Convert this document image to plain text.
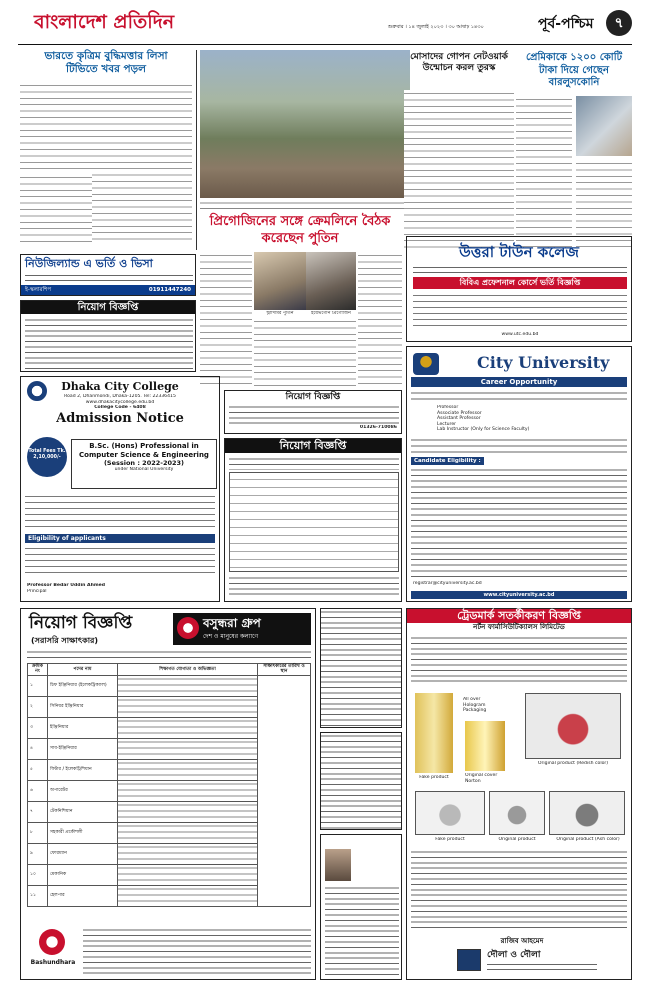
বাংলাদেশ প্রতিদিন	শুক্রবার । ১৪ জুলাই ২০২৩ । ৩০ আষাঢ় ১৪৩০	পূর্ব-পশ্চিম	৭
ভারতে কৃত্রিম বুদ্ধিমত্তার লিসা টিভিতে খবর পড়ল
মোসাদের গোপন নেটওয়ার্ক উন্মোচন করল তুরস্ক
প্রেমিকাকে ১২০০ কোটি টাকা দিয়ে গেছেন বারলুসকোনি
প্রিগোজিনের সঙ্গে ক্রেমলিনে বৈঠক করেছেন পুতিন
ভ্লাদিমির পুতিন	ইয়েভগেনি প্রিগোজিন
উত্তরা টাউন কলেজ
বিবিএ প্রফেশনাল কোর্সে ভর্তি বিজ্ঞপ্তি
www.utc.edu.bd
নিউজিল্যান্ড এ ভর্তি ও ভিসা
ই-স্কলারশিপ	01911447240
নিয়োগ বিজ্ঞপ্তি
Dhaka City College
Road 2, Dhanmondi, Dhaka-1205. Tel: 22336415
www.dhakacitycollege.edu.bd
College Code - 6408
Admission Notice
B.Sc. (Hons) Professional in Computer Science & Engineering
(Session : 2022-2023)
under National University
Total Fees Tk. 2,10,000/-
Eligibility of applicants
Professor Bedar Uddin Ahmed
Principal
City University
Career Opportunity
Professor
Associate Professor
Assistant Professor
Lecturer
Lab Instructor (Only for Science Faculty)
Candidate Eligibility :
registrar@cityuniversity.ac.bd
www.cityuniversity.ac.bd
নিয়োগ বিজ্ঞপ্তি
01326-710086
নিয়োগ বিজ্ঞপ্তি
নিয়োগ বিজ্ঞপ্তি
(সরাসরি সাক্ষাৎকার)
বসুন্ধরা গ্রুপ
দেশ ও মানুষের কল্যাণে
ক্রমিক নং	পদের নাম	শিক্ষাগত যোগ্যতা ও অভিজ্ঞতা	সাক্ষাৎকারের তারিখ ও স্থান
১	চিফ ইঞ্জিনিয়ার (ইলেকট্রিক্যাল)		
২	সিনিয়র ইঞ্জিনিয়ার		
৩	ইঞ্জিনিয়ার		
৪	সাব-ইঞ্জিনিয়ার		
৫	ফিটার / ইলেকট্রিশিয়ান		
৬	অপারেটর		
৭	টেকনিশিয়ান		
৮	সহকারী প্রকৌশলী		
৯	ফোরম্যান		
১০	মেকানিক		
১১	হেলপার		
Bashundhara
ট্রেডমার্ক সতর্কীকরণ বিজ্ঞপ্তি
নর্টন ফার্মাসিউটিক্যালস লিমিটেড
Fake product
All over Hologram Packaging
Original cover Norton
Original product (Redish color)
Fake product	Original product	Original product (Ash color)
রাজিব আহমেদ
দৌলা ও দৌলা
